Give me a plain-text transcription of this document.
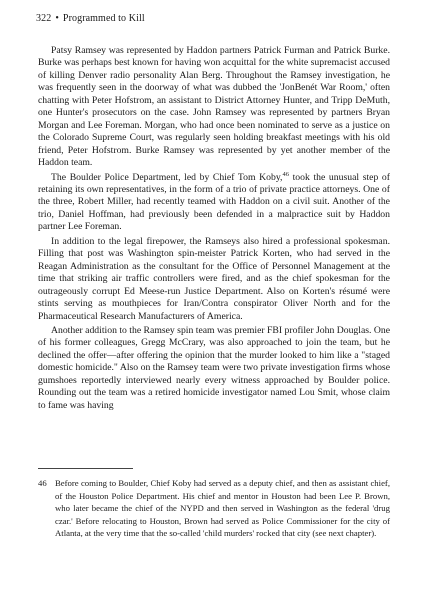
322 • Programmed to Kill

Patsy Ramsey was represented by Haddon partners Patrick Furman and Patrick Burke. Burke was perhaps best known for having won acquittal for the white supremacist accused of killing Denver radio personality Alan Berg. Throughout the Ramsey investigation, he was frequently seen in the doorway of what was dubbed the 'JonBenét War Room,' often chatting with Peter Hofstrom, an assistant to District Attorney Hunter, and Tripp DeMuth, one Hunter's prosecutors on the case. John Ramsey was represented by partners Bryan Morgan and Lee Foreman. Morgan, who had once been nominated to serve as a justice on the Colorado Supreme Court, was regularly seen holding breakfast meetings with his old friend, Peter Hofstrom. Burke Ramsey was represented by yet another member of the Haddon team.

The Boulder Police Department, led by Chief Tom Koby,$^{46}$ took the unusual step of retaining its own representatives, in the form of a trio of private practice attorneys. One of the three, Robert Miller, had recently teamed with Haddon on a civil suit. Another of the trio, Daniel Hoffman, had previously been defended in a malpractice suit by Haddon partner Lee Foreman.

In addition to the legal firepower, the Ramseys also hired a professional spokesman. Filling that post was Washington spin-meister Patrick Korten, who had served in the Reagan Administration as the consultant for the Office of Personnel Management at the time that striking air traffic controllers were fired, and as the chief spokesman for the outrageously corrupt Ed Meese-run Justice Department. Also on Korten's résumé were stints serving as mouthpieces for Iran/Contra conspirator Oliver North and for the Pharmaceutical Research Manufacturers of America.

Another addition to the Ramsey spin team was premier FBI profiler John Douglas. One of his former colleagues, Gregg McCrary, was also approached to join the team, but he declined the offer—after offering the opinion that the murder looked to him like a "staged domestic homicide." Also on the Ramsey team were two private investigation firms whose gumshoes reportedly interviewed nearly every witness approached by Boulder police. Rounding out the team was a retired homicide investigator named Lou Smit, whose claim to fame was having

46 Before coming to Boulder, Chief Koby had served as a deputy chief, and then as assistant chief, of the Houston Police Department. His chief and mentor in Houston had been Lee P. Brown, who later became the chief of the NYPD and then served in Washington as the federal 'drug czar.' Before relocating to Houston, Brown had served as Police Commissioner for the city of Atlanta, at the very time that the so-called 'child murders' rocked that city (see next chapter).
